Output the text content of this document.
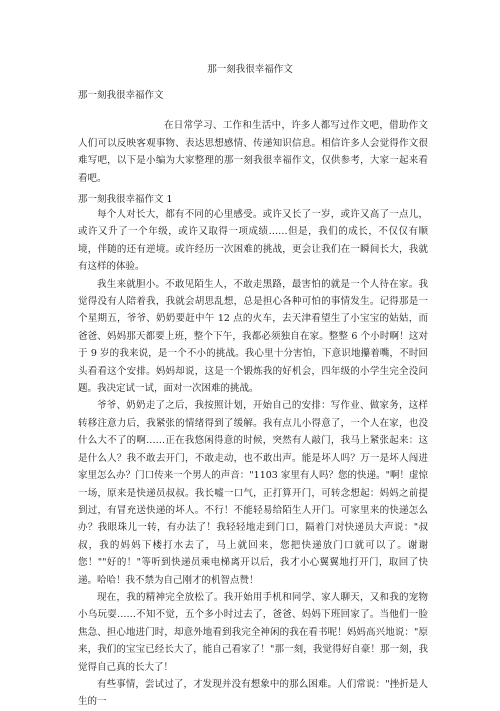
那一刻我很幸福作文
那一刻我很幸福作文

在日常学习、工作和生活中，许多人都写过作文吧，借助作文人们可以反映客观事物、表达思想感情、传递知识信息。相信许多人会觉得作文很难写吧，以下是小编为大家整理的那一刻我很幸福作文，仅供参考，大家一起来看看吧。

那一刻我很幸福作文 1

每个人对长大，都有不同的心里感受。或许又长了一岁，或许又高了一点儿，或许又升了一个年级，或许又取得一项成绩……但是，我们的成长，不仅仅有顺境，伴随的还有逆境。或许经历一次困难的挑战，更会让我们在一瞬间长大，我就有这样的体验。

我生来就胆小。不敢见陌生人，不敢走黑路，最害怕的就是一个人待在家。我觉得没有人陪着我，我就会胡思乱想，总是担心各种可怕的事情发生。记得那是一个星期五，爷爷、奶奶要赶中午 12 点的火车，去天津看望生了小宝宝的姑姑，而爸爸、妈妈那天都要上班，整个下午，我都必须独自在家。整整 6 个小时啊！这对于 9 岁的我来说，是一个不小的挑战。我心里十分害怕，下意识地攥着嘴，不时回头看看这个安排。妈妈却说，这是一个锻炼我的好机会，四年级的小学生完全没问题。我决定试一试，面对一次困难的挑战。

爷爷、奶奶走了之后，我按照计划，开始自己的安排：写作业、做家务，这样转移注意力后，我紧张的情绪得到了缓解。我有点儿小得意了，一个人在家，也没什么大不了的啊……正在我悠闲得意的时候，突然有人敲门，我马上紧张起来：这是什么人？我不敢去开门，不敢走动，也不敢出声。能是坏人吗？万一是坏人闯进家里怎么办？门口传来一个男人的声音："1103 家里有人吗？您的快递。"啊！虚惊一场，原来是快递员叔叔。我长嘘一口气，正打算开门，可转念想起：妈妈之前提到过，有冒充送快递的坏人。不行！不能轻易给陌生人开门。可家里来的快递怎么办？我眼珠儿一转，有办法了！我轻轻地走到门口，隔着门对快递员大声说："叔叔，我的妈妈下楼打水去了，马上就回来，您把快递放门口就可以了。谢谢您！""好的！"等听到快递员乘电梯离开以后，我才小心翼翼地打开门，取回了快递。哈哈！我不禁为自己刚才的机智点赞！

现在，我的精神完全放松了。我开始用手机和同学、家人聊天，又和我的宠物小乌玩耍……不知不觉，五个多小时过去了，爸爸、妈妈下班回家了。当他们一脸焦急、担心地进门时，却意外地看到我完全神闲的我在看书呢！妈妈高兴地说："原来，我们的宝宝已经长大了，能自己看家了！"那一刻，我觉得好自豪！那一刻，我觉得自己真的长大了！

有些事情，尝试过了，才发现并没有想象中的那么困难。人们常说："挫折是人生的一
